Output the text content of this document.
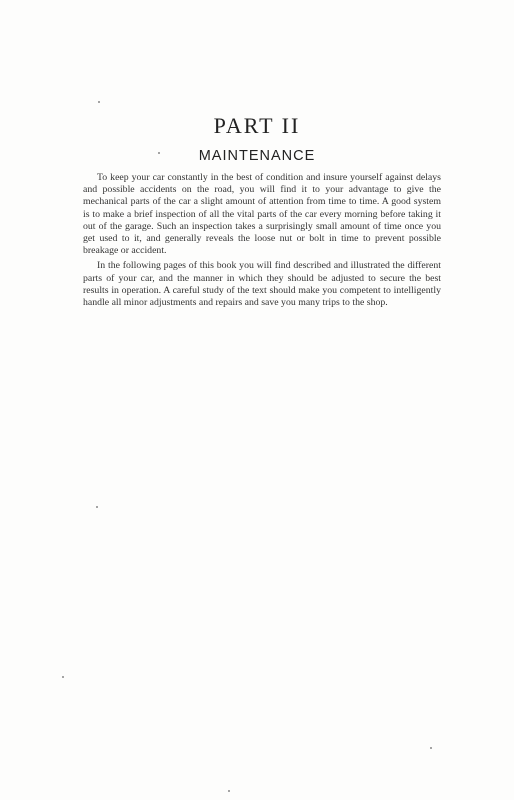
PART II
MAINTENANCE

To keep your car constantly in the best of condition and insure yourself against delays and possible accidents on the road, you will find it to your advantage to give the mechanical parts of the car a slight amount of attention from time to time. A good system is to make a brief inspection of all the vital parts of the car every morning before taking it out of the garage. Such an inspection takes a surprisingly small amount of time once you get used to it, and generally reveals the loose nut or bolt in time to prevent possible breakage or accident.

In the following pages of this book you will find described and illustrated the different parts of your car, and the manner in which they should be adjusted to secure the best results in operation. A careful study of the text should make you competent to intelligently handle all minor adjustments and repairs and save you many trips to the shop.
